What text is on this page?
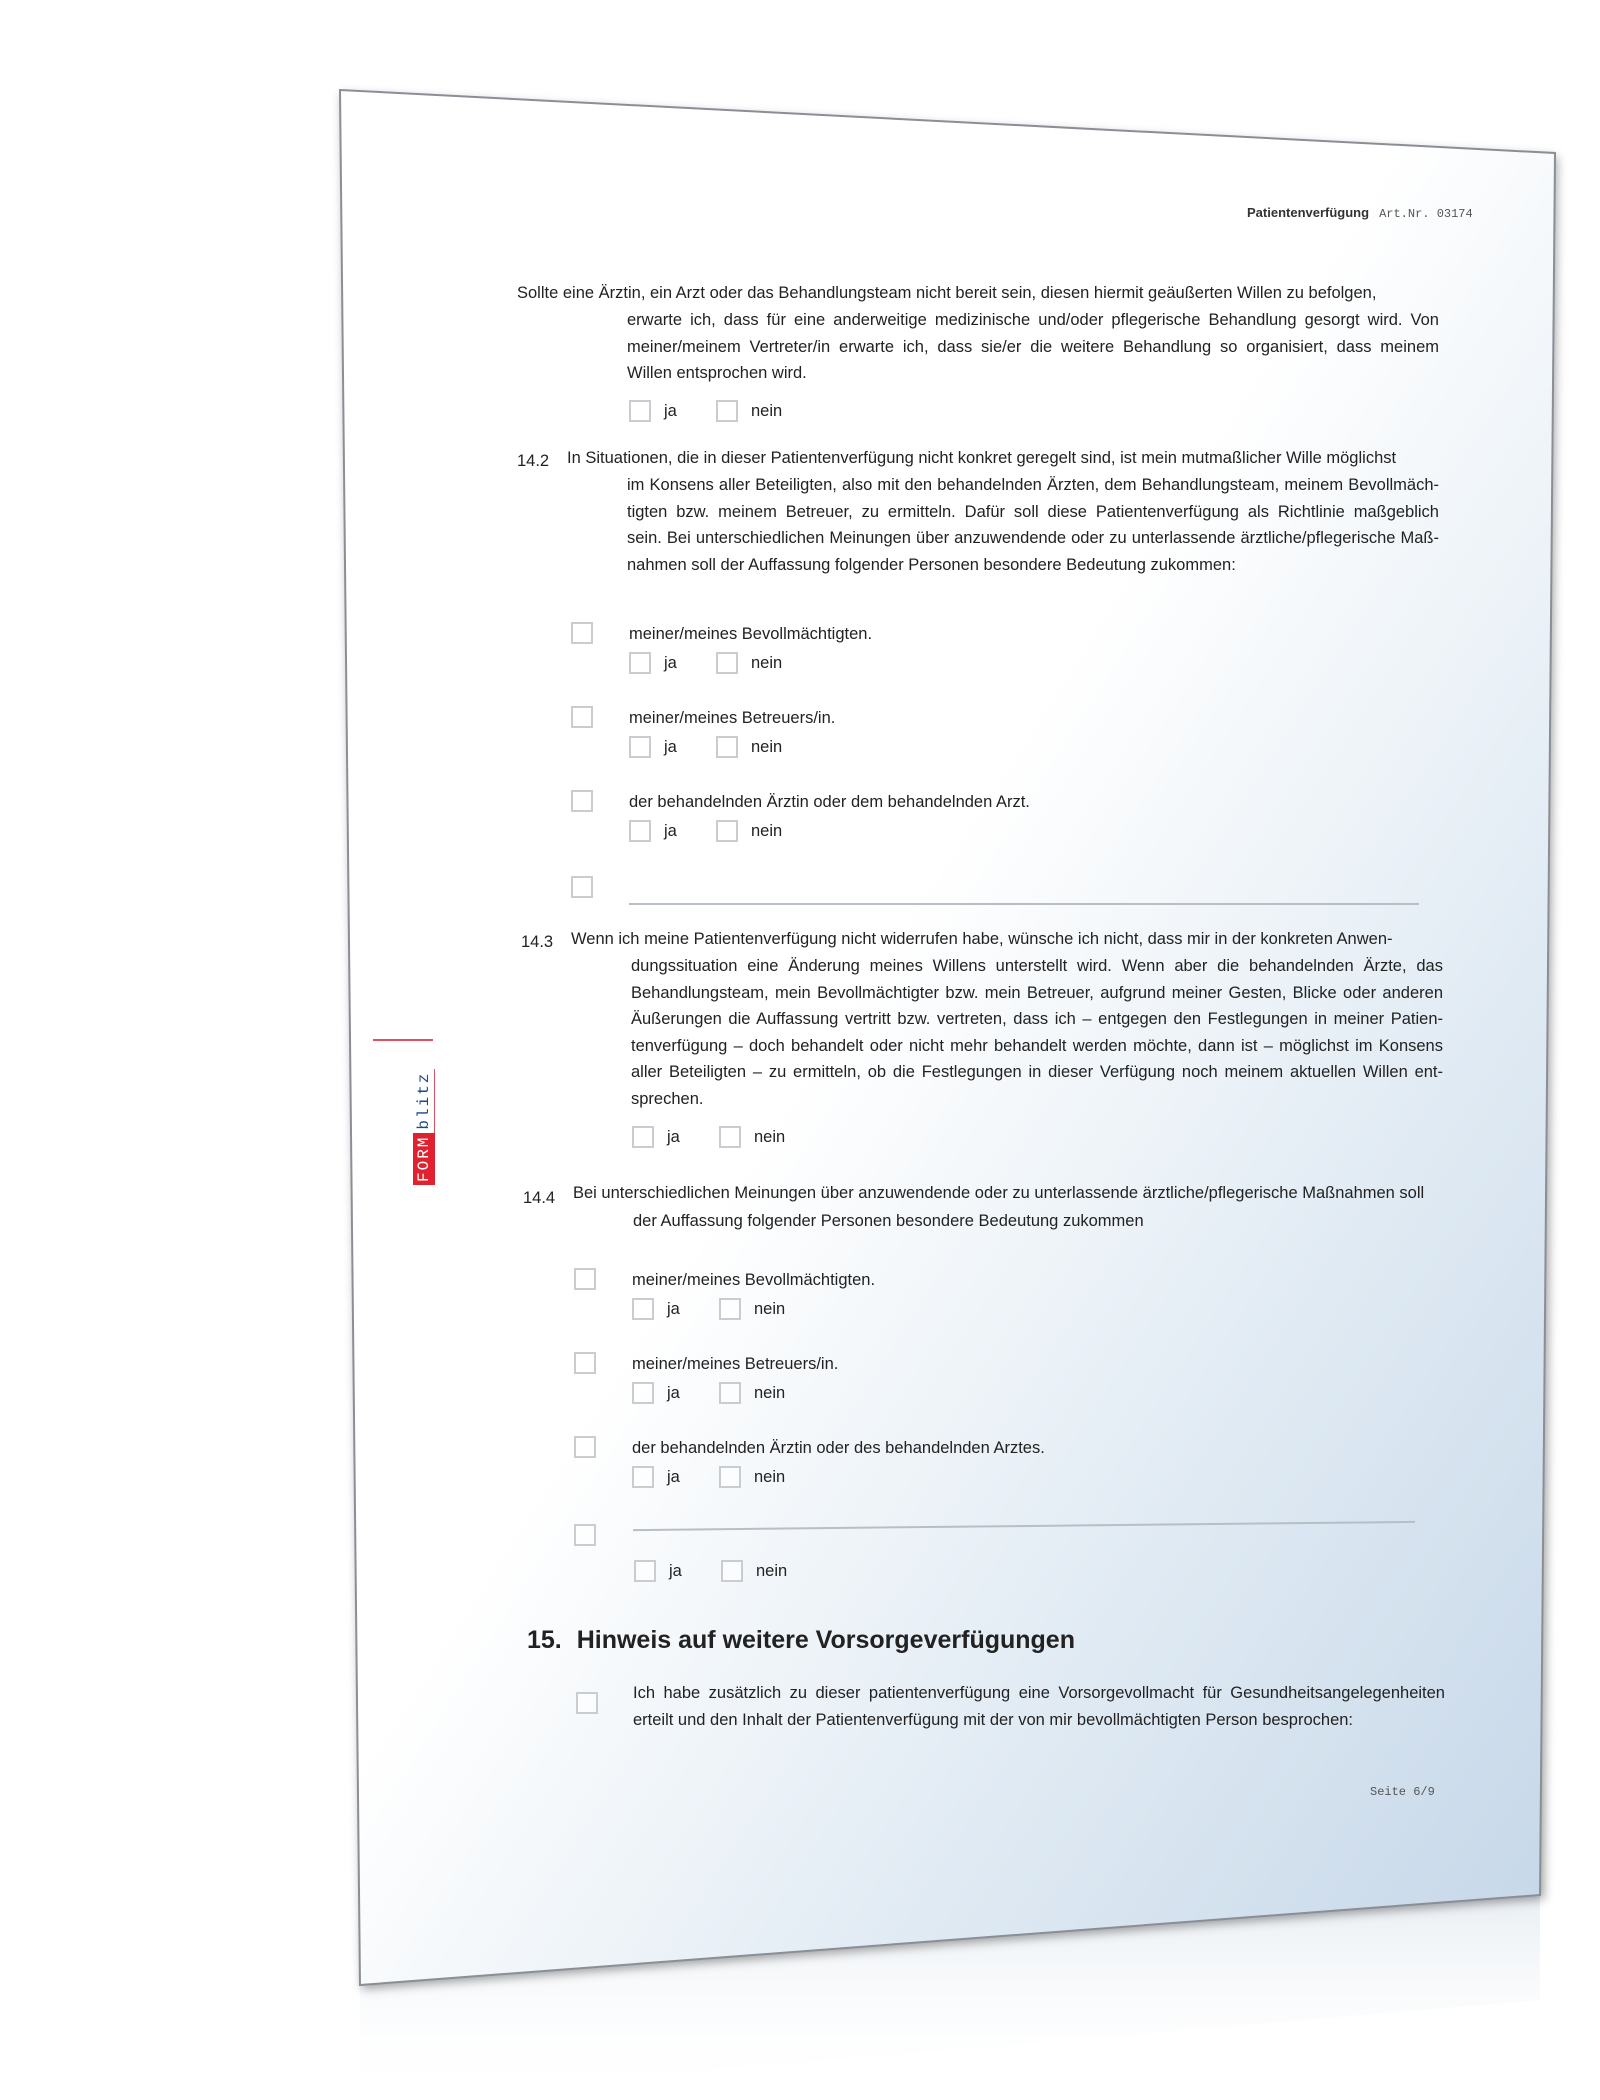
Patientenverfügung Art.Nr. 03174
FORM
blitz
Sollte eine Ärztin, ein Arzt oder das Behandlungsteam nicht bereit sein, diesen hiermit geäußerten Willen zu befolgen,
erwarte ich, dass für eine anderweitige medizinische und/oder pflegerische Behandlung gesorgt wird. Von
meiner/meinem Vertreter/in erwarte ich, dass sie/er die weitere Behandlung so organisiert, dass meinem
Willen entsprochen wird.
14.2 In Situationen, die in dieser Patientenverfügung nicht konkret geregelt sind, ist mein mutmaßlicher Wille möglichst
im Konsens aller Beteiligten, also mit den behandelnden Ärzten, dem Behandlungsteam, meinem Bevollmäch-
tigten bzw. meinem Betreuer, zu ermitteln. Dafür soll diese Patientenverfügung als Richtlinie maßgeblich
sein. Bei unterschiedlichen Meinungen über anzuwendende oder zu unterlassende ärztliche/pflegerische Maß-
nahmen soll der Auffassung folgender Personen besondere Bedeutung zukommen:
14.3 Wenn ich meine Patientenverfügung nicht widerrufen habe, wünsche ich nicht, dass mir in der konkreten Anwen-
dungssituation eine Änderung meines Willens unterstellt wird. Wenn aber die behandelnden Ärzte, das
Behandlungsteam, mein Bevollmächtigter bzw. mein Betreuer, aufgrund meiner Gesten, Blicke oder anderen
Äußerungen die Auffassung vertritt bzw. vertreten, dass ich – entgegen den Festlegungen in meiner Patien-
tenverfügung – doch behandelt oder nicht mehr behandelt werden möchte, dann ist – möglichst im Konsens
aller Beteiligten – zu ermitteln, ob die Festlegungen in dieser Verfügung noch meinem aktuellen Willen ent-
sprechen.
14.4 Bei unterschiedlichen Meinungen über anzuwendende oder zu unterlassende ärztliche/pflegerische Maßnahmen soll
der Auffassung folgender Personen besondere Bedeutung zukommen
15. Hinweis auf weitere Vorsorgeverfügungen
Ich habe zusätzlich zu dieser patientenverfügung eine Vorsorgevollmacht für Gesundheitsangelegenheiten
erteilt und den Inhalt der Patientenverfügung mit der von mir bevollmächtigten Person besprochen:
Seite 6/9
ja	nein
ja	nein
ja	nein
meiner/meines Bevollmächtigten.
ja	nein
meiner/meines Betreuers/in.
ja	nein
der behandelnden Ärztin oder dem behandelnden Arzt.
ja	nein
meiner/meines Bevollmächtigten.
ja	nein
meiner/meines Betreuers/in.
ja	nein
der behandelnden Ärztin oder des behandelnden Arztes.
ja	nein
